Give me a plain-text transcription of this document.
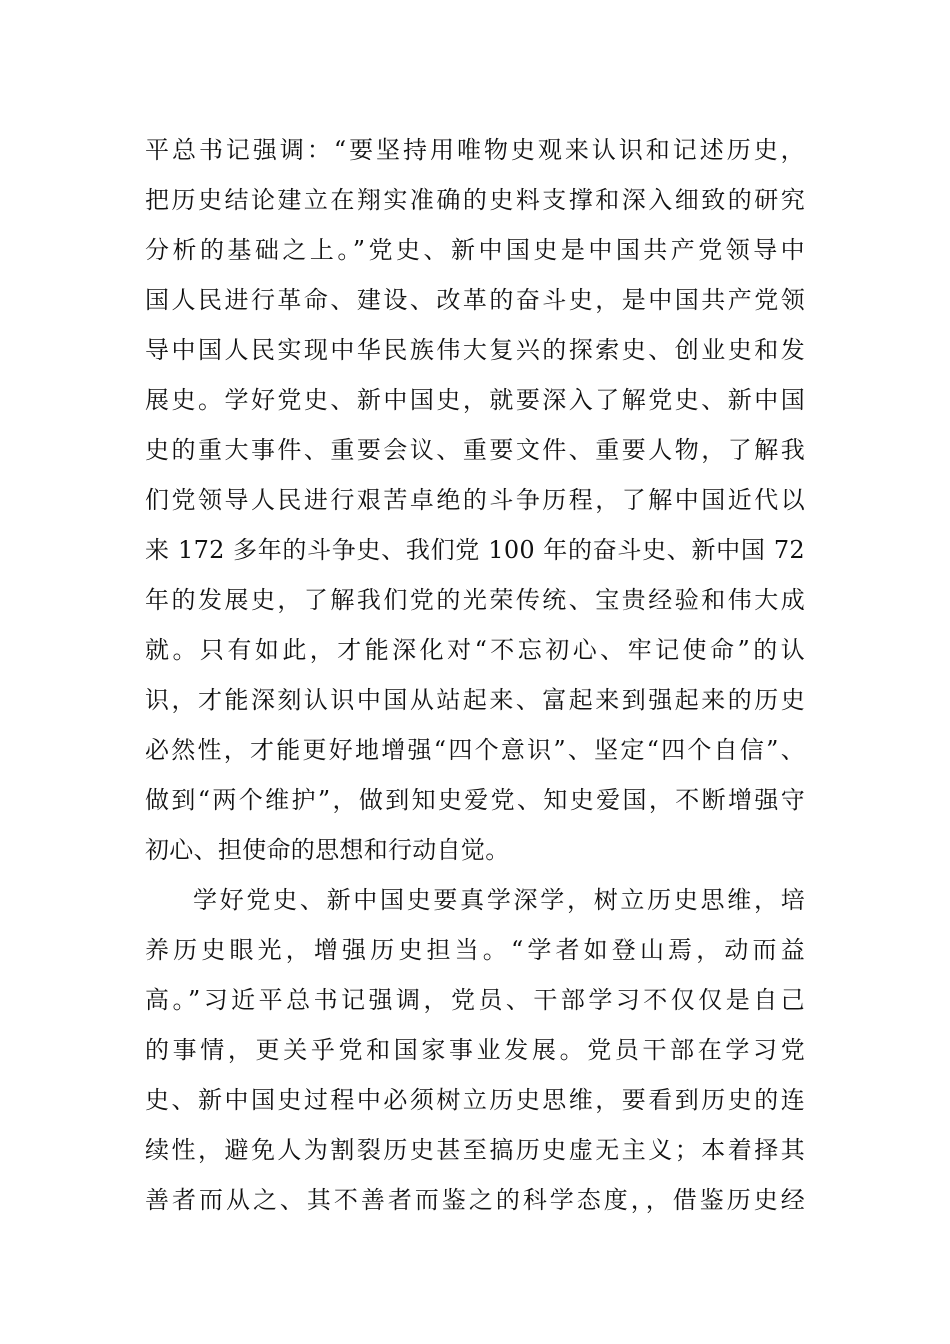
平总书记强调：“要坚持用唯物史观来认识和记述历史，
把历史结论建立在翔实准确的史料支撑和深入细致的研究
分析的基础之上。”党史、新中国史是中国共产党领导中
国人民进行革命、建设、改革的奋斗史，是中国共产党领
导中国人民实现中华民族伟大复兴的探索史、创业史和发
展史。学好党史、新中国史，就要深入了解党史、新中国
史的重大事件、重要会议、重要文件、重要人物，了解我
们党领导人民进行艰苦卓绝的斗争历程，了解中国近代以
来 172 多年的斗争史、我们党 100 年的奋斗史、新中国 72
年的发展史，了解我们党的光荣传统、宝贵经验和伟大成
就。只有如此，才能深化对“不忘初心、牢记使命”的认
识，才能深刻认识中国从站起来、富起来到强起来的历史
必然性，才能更好地增强“四个意识”、坚定“四个自信”、
做到“两个维护”，做到知史爱党、知史爱国，不断增强守
初心、担使命的思想和行动自觉。
学好党史、新中国史要真学深学，树立历史思维，培
养历史眼光，增强历史担当。“学者如登山焉，动而益
高。”习近平总书记强调，党员、干部学习不仅仅是自己
的事情，更关乎党和国家事业发展。党员干部在学习党
史、新中国史过程中必须树立历史思维，要看到历史的连
续性，避免人为割裂历史甚至搞历史虚无主义；本着择其
善者而从之、其不善者而鉴之的科学态度，，借鉴历史经
